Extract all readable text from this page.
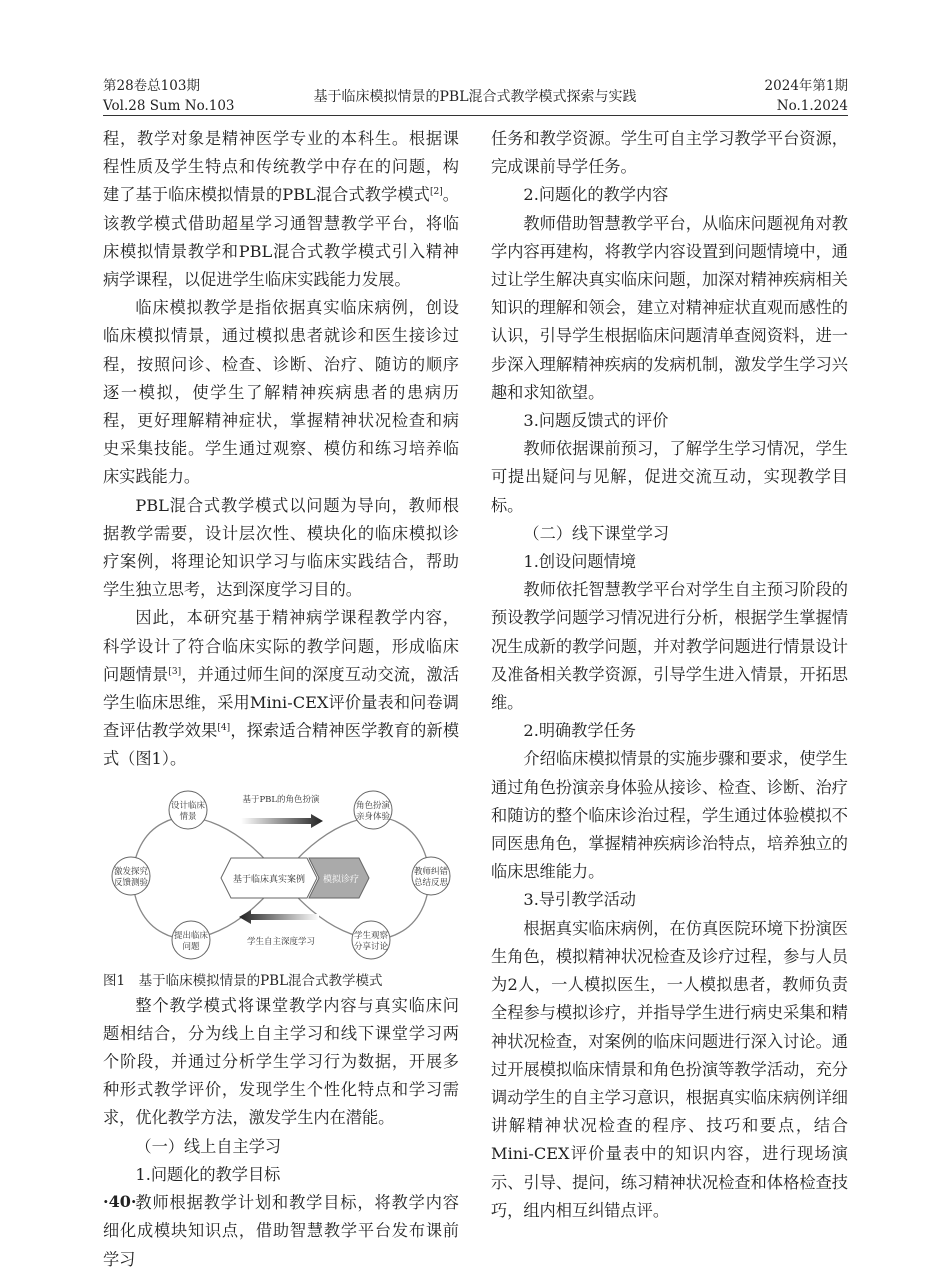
第28卷总103期
Vol.28 Sum No.103
基于临床模拟情景的PBL混合式教学模式探索与实践
2024年第1期
No.1.2024

程，教学对象是精神医学专业的本科生。根据课程性质及学生特点和传统教学中存在的问题，构建了基于临床模拟情景的PBL混合式教学模式[2]。该教学模式借助超星学习通智慧教学平台，将临床模拟情景教学和PBL混合式教学模式引入精神病学课程，以促进学生临床实践能力发展。

临床模拟教学是指依据真实临床病例，创设临床模拟情景，通过模拟患者就诊和医生接诊过程，按照问诊、检查、诊断、治疗、随访的顺序逐一模拟，使学生了解精神疾病患者的患病历程，更好理解精神症状，掌握精神状况检查和病史采集技能。学生通过观察、模仿和练习培养临床实践能力。

PBL混合式教学模式以问题为导向，教师根据教学需要，设计层次性、模块化的临床模拟诊疗案例，将理论知识学习与临床实践结合，帮助学生独立思考，达到深度学习目的。

因此，本研究基于精神病学课程教学内容，科学设计了符合临床实际的教学问题，形成临床问题情景[3]，并通过师生间的深度互动交流，激活学生临床思维，采用Mini-CEX评价量表和问卷调查评估教学效果[4]，探索适合精神医学教育的新模式（图1）。

设计临床
情景
角色扮演
亲身体验
激发探究
反馈测验
教师纠错
总结反思
提出临床
问题
学生观察
分享讨论
基于临床真实案例 模拟诊疗
基于PBL的角色扮演
学生自主深度学习

图1　基于临床模拟情景的PBL混合式教学模式

整个教学模式将课堂教学内容与真实临床问题相结合，分为线上自主学习和线下课堂学习两个阶段，并通过分析学生学习行为数据，开展多种形式教学评价，发现学生个性化特点和学习需求，优化教学方法，激发学生内在潜能。

（一）线上自主学习

1.问题化的教学目标

教师根据教学计划和教学目标，将教学内容细化成模块知识点，借助智慧教学平台发布课前学习

任务和教学资源。学生可自主学习教学平台资源，完成课前导学任务。

2.问题化的教学内容

教师借助智慧教学平台，从临床问题视角对教学内容再建构，将教学内容设置到问题情境中，通过让学生解决真实临床问题，加深对精神疾病相关知识的理解和领会，建立对精神症状直观而感性的认识，引导学生根据临床问题清单查阅资料，进一步深入理解精神疾病的发病机制，激发学生学习兴趣和求知欲望。

3.问题反馈式的评价

教师依据课前预习，了解学生学习情况，学生可提出疑问与见解，促进交流互动，实现教学目标。

（二）线下课堂学习

1.创设问题情境

教师依托智慧教学平台对学生自主预习阶段的预设教学问题学习情况进行分析，根据学生掌握情况生成新的教学问题，并对教学问题进行情景设计及准备相关教学资源，引导学生进入情景，开拓思维。

2.明确教学任务

介绍临床模拟情景的实施步骤和要求，使学生通过角色扮演亲身体验从接诊、检查、诊断、治疗和随访的整个临床诊治过程，学生通过体验模拟不同医患角色，掌握精神疾病诊治特点，培养独立的临床思维能力。

3.导引教学活动

根据真实临床病例，在仿真医院环境下扮演医生角色，模拟精神状况检查及诊疗过程，参与人员为2人，一人模拟医生，一人模拟患者，教师负责全程参与模拟诊疗，并指导学生进行病史采集和精神状况检查，对案例的临床问题进行深入讨论。通过开展模拟临床情景和角色扮演等教学活动，充分调动学生的自主学习意识，根据真实临床病例详细讲解精神状况检查的程序、技巧和要点，结合Mini-CEX评价量表中的知识内容，进行现场演示、引导、提问，练习精神状况检查和体格检查技巧，组内相互纠错点评。

·40·
